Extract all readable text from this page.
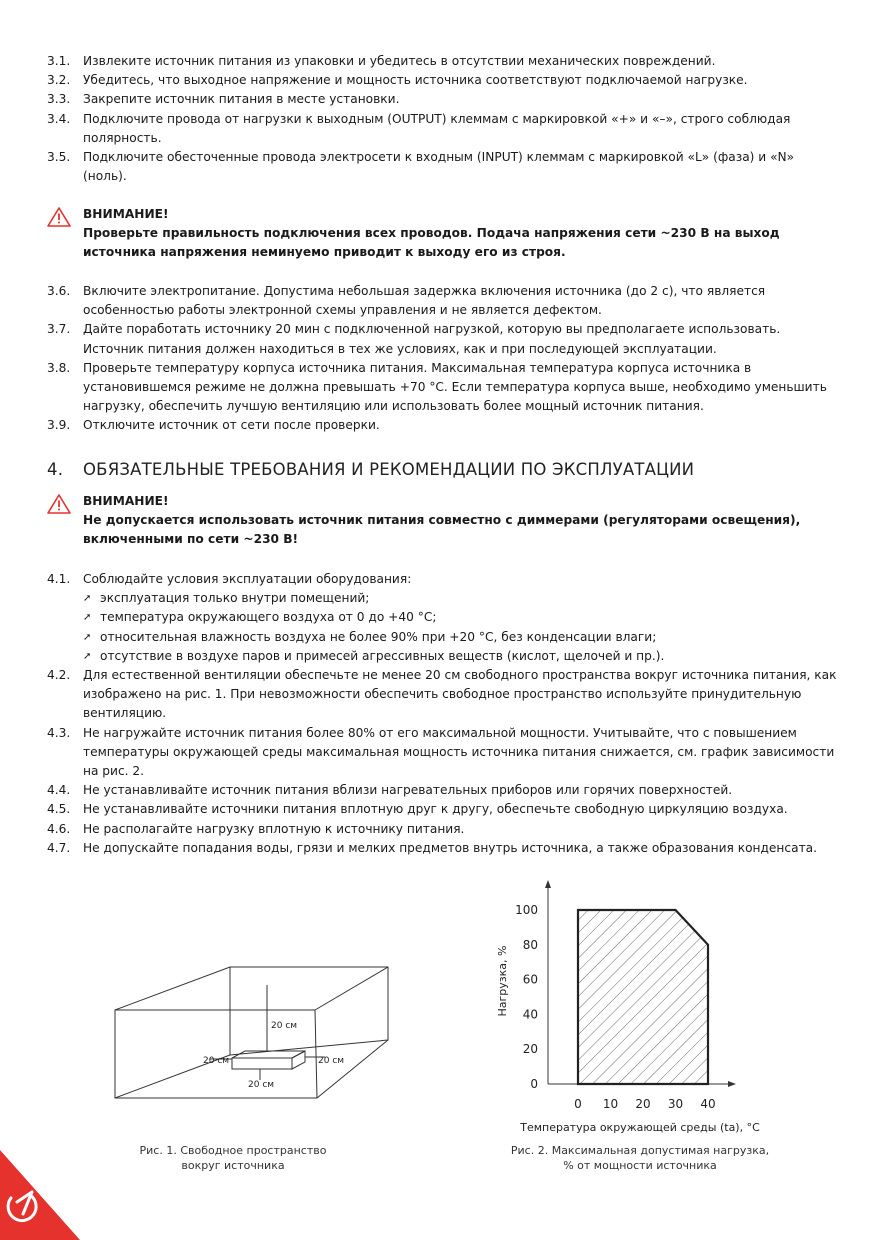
3.1.	Извлеките источник питания из упаковки и убедитесь в отсутствии механических повреждений.
3.2.	Убедитесь, что выходное напряжение и мощность источника соответствуют подключаемой нагрузке.
3.3.	Закрепите источник питания в месте установки.
3.4.	Подключите провода от нагрузки к выходным (OUTPUT) клеммам с маркировкой «+» и «–», строго соблюдая полярность.
3.5.	Подключите обесточенные провода электросети к входным (INPUT) клеммам с маркировкой «L» (фаза) и «N» (ноль).
ВНИМАНИЕ!
Проверьте правильность подключения всех проводов. Подача напряжения сети ~230 В на выход источника напряжения неминуемо приводит к выходу его из строя.
3.6.	Включите электропитание. Допустима небольшая задержка включения источника (до 2 с), что является особенностью работы электронной схемы управления и не является дефектом.
3.7.	Дайте поработать источнику 20 мин с подключенной нагрузкой, которую вы предполагаете использовать. Источник питания должен находиться в тех же условиях, как и при последующей эксплуатации.
3.8.	Проверьте температуру корпуса источника питания. Максимальная температура корпуса источника в установившемся режиме не должна превышать +70 °C. Если температура корпуса выше, необходимо уменьшить нагрузку, обеспечить лучшую вентиляцию или использовать более мощный источник питания.
3.9.	Отключите источник от сети после проверки.
4. ОБЯЗАТЕЛЬНЫЕ ТРЕБОВАНИЯ И РЕКОМЕНДАЦИИ ПО ЭКСПЛУАТАЦИИ
ВНИМАНИЕ!
Не допускается использовать источник питания совместно с диммерами (регуляторами освещения), включенными по сети ~230 В!
4.1.	Соблюдайте условия эксплуатации оборудования:
➚ эксплуатация только внутри помещений;
➚ температура окружающего воздуха от 0 до +40 °C;
➚ относительная влажность воздуха не более 90% при +20 °C, без конденсации влаги;
➚ отсутствие в воздухе паров и примесей агрессивных веществ (кислот, щелочей и пр.).
4.2.	Для естественной вентиляции обеспечьте не менее 20 см свободного пространства вокруг источника питания, как изображено на рис. 1. При невозможности обеспечить свободное пространство используйте принудительную вентиляцию.
4.3.	Не нагружайте источник питания более 80% от его максимальной мощности. Учитывайте, что с повышением температуры окружающей среды максимальная мощность источника питания снижается, см. график зависимости на рис. 2.
4.4.	Не устанавливайте источник питания вблизи нагревательных приборов или горячих поверхностей.
4.5.	Не устанавливайте источники питания вплотную друг к другу, обеспечьте свободную циркуляцию воздуха.
4.6.	Не располагайте нагрузку вплотную к источнику питания.
4.7.	Не допускайте попадания воды, грязи и мелких предметов внутрь источника, а также образования конденсата.
20 см
20 см	20 см
20 см
Рис. 1. Свободное пространство
вокруг источника
0 10 20 30 40
0
20
40
60
80
100
Нагрузка, %
Температура окружающей среды (ta), °C
Рис. 2. Максимальная допустимая нагрузка,
% от мощности источника
